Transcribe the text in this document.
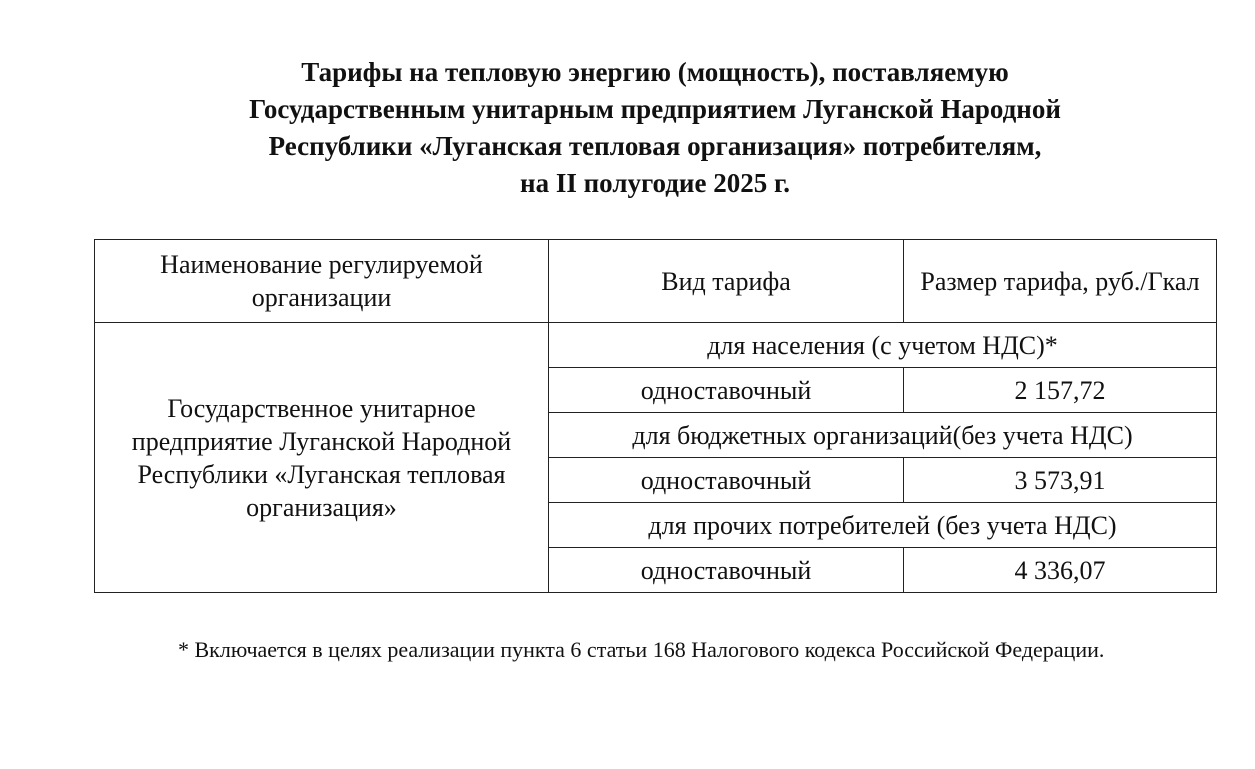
Тарифы на тепловую энергию (мощность), поставляемую
Государственным унитарным предприятием Луганской Народной
Республики «Луганская тепловая организация» потребителям,
на II полугодие 2025 г.
Наименование регулируемой организации	Вид тарифа	Размер тарифа, руб./Гкал
Государственное унитарное предприятие Луганской Народной Республики «Луганская тепловая организация»	для населения (с учетом НДС)*	
	одноставочный	2 157,72
	для бюджетных организаций(без учета НДС)	
	одноставочный	3 573,91
	для прочих потребителей (без учета НДС)	
	одноставочный	4 336,07

* Включается в целях реализации пункта 6 статьи 168 Налогового кодекса Российской Федерации.
